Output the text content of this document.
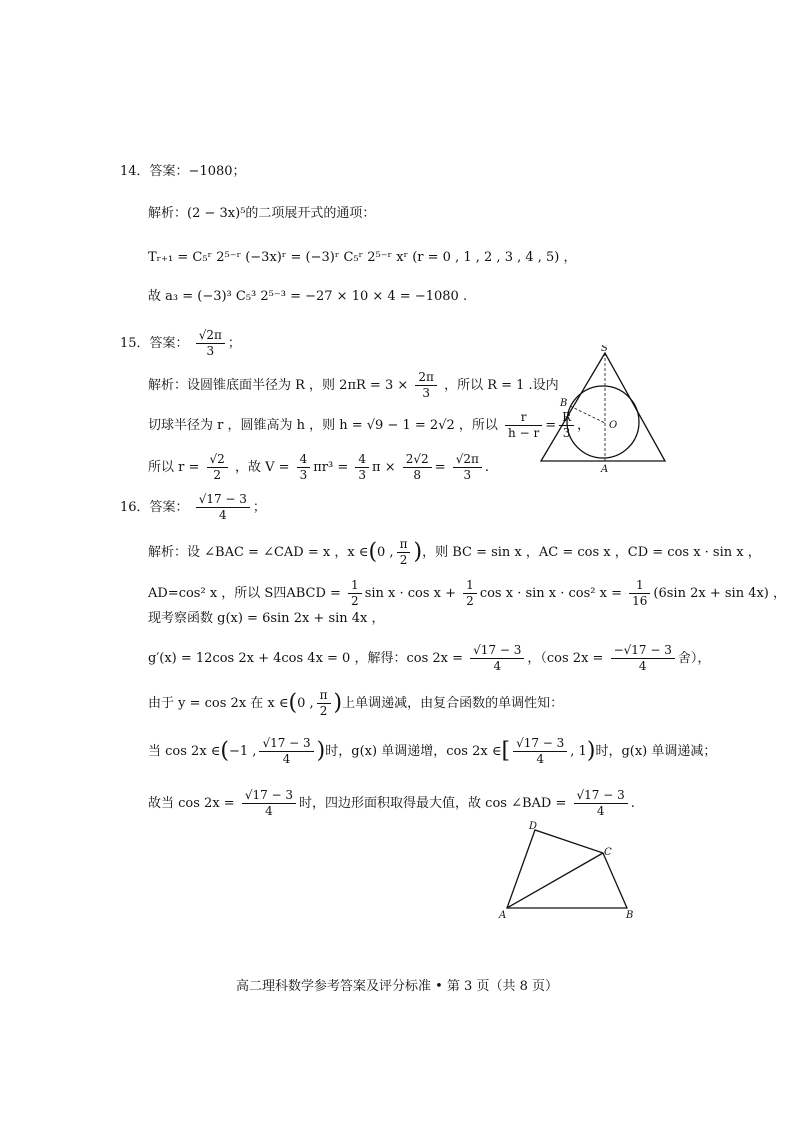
14．答案：−1080；
解析：(2 − 3x)⁵的二项展开式的通项：
Tᵣ₊₁ = C₅ʳ 2⁵⁻ʳ (−3x)ʳ = (−3)ʳ C₅ʳ 2⁵⁻ʳ xʳ (r = 0 , 1 , 2 , 3 , 4 , 5) ，
故 a₃ = (−3)³ C₅³ 2⁵⁻³ = −27 × 10 × 4 = −1080 .
15．答案： $\frac{√2\pi}{3}$ ；
解析：设圆锥底面半径为 R ，则 $2\pi R = 3 \times \frac{2\pi}{3}$ ，所以 R = 1 .设内
切球半径为 r ，圆锥高为 h ，则 h = √9 − 1 = 2√2 ，所以 $\frac{r}{h - r} = \frac{R}{3}$ ，
所以 $r = \frac{√2}{2}$ ，故 $V = \frac{4}{3} \pi r^3 = \frac{4}{3}$ $\pi \times \frac{2√2}{8} = \frac{√2\pi}{3}$ .
S
B
O
A
16．答案： $\frac{√17 - 3}{4}$ ；
解析：设 ∠BAC = ∠CAD = x ，x ∈(0 , $\frac{\pi}{2}$ )，则 BC = sin x ，AC = cos x ，CD = cos x · sin x ，
AD=cos² x ，所以 S四ABCD = $\frac{1}{2}$ $\sin x \cdot \cos x + \frac{1}{2}$ cos x · sin x · cos² $x = \frac{1}{16} (6\sin$ 2x + sin 4x) ，
现考察函数 g(x) = 6sin 2x + sin 4x ，
g′(x) = 12cos 2x + 4cos 4x = 0 ，解得：$\cos 2x = \frac{√17 - 3}{4}$ ，（cos $2x = \frac{-√17 - 3}{4}$ 舍），
由于 y = cos 2x 在 x ∈(0 , $\frac{\pi}{2}$ )上单调递减，由复合函数的单调性知：
当 cos 2x ∈(−1 , $\frac{√17 - 3}{4}$ )时，g(x) 单调递增，cos 2x ∈[ $\frac{√17 - 3}{4}$ , 1)时，g(x) 单调递减；
故当 $\cos 2x = \frac{√17 - 3}{4}$ 时，四边形面积取得最大值，故 cos ∠BAD = $\frac{√17 - 3}{4}$ .
D
C
A	B
高二理科数学参考答案及评分标准 • 第 3 页（共 8 页）
